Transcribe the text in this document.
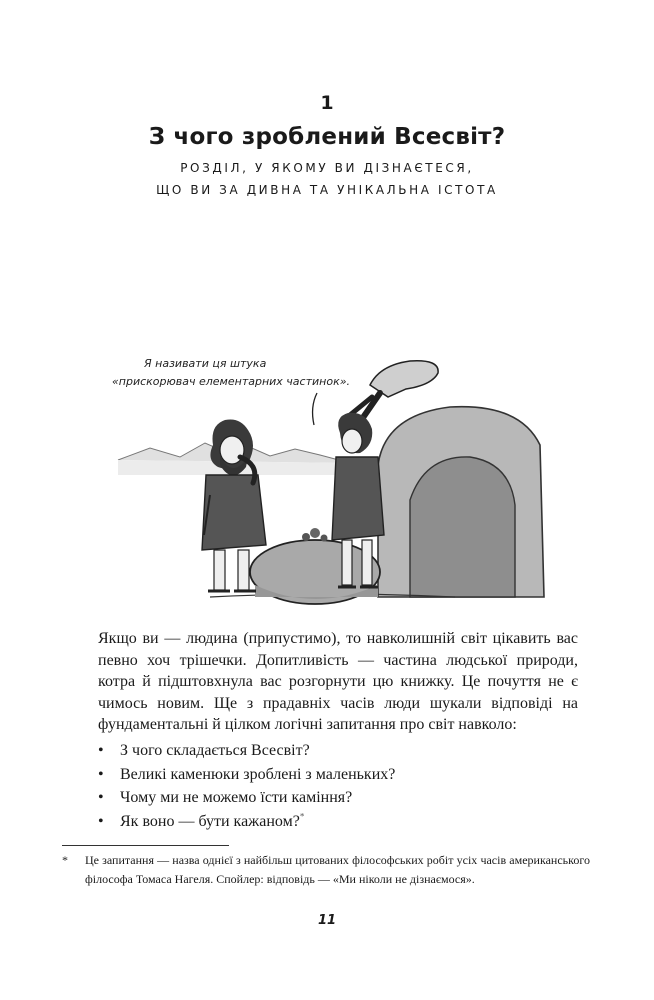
1
З чого зроблений Всесвіт?
РОЗДІЛ, У ЯКОМУ ВИ ДІЗНАЄТЕСЯ,
ЩО ВИ ЗА ДИВНА ТА УНІКАЛЬНА ІСТОТА
Я називати ця штука
«прискорювач елементарних частинок».

Якщо ви — людина (припустимо), то навколишній світ цікавить вас певно хоч трішечки. Допитливість — частина людської природи, котра й підштовхнула вас розгорнути цю книжку. Це почуття не є чимось новим. Ще з прадавніх часів люди шукали відповіді на фундаментальні й цілком логічні запитання про світ навколо:

• З чого складається Всесвіт?
• Великі каменюки зроблені з маленьких?
• Чому ми не можемо їсти каміння?
• Як воно — бути кажаном?*
*	Це запитання — назва однієї з найбільш цитованих філософських робіт усіх часів американського філософа Томаса Нагеля. Спойлер: відповідь — «Ми ніколи не дізнаємося».
11
